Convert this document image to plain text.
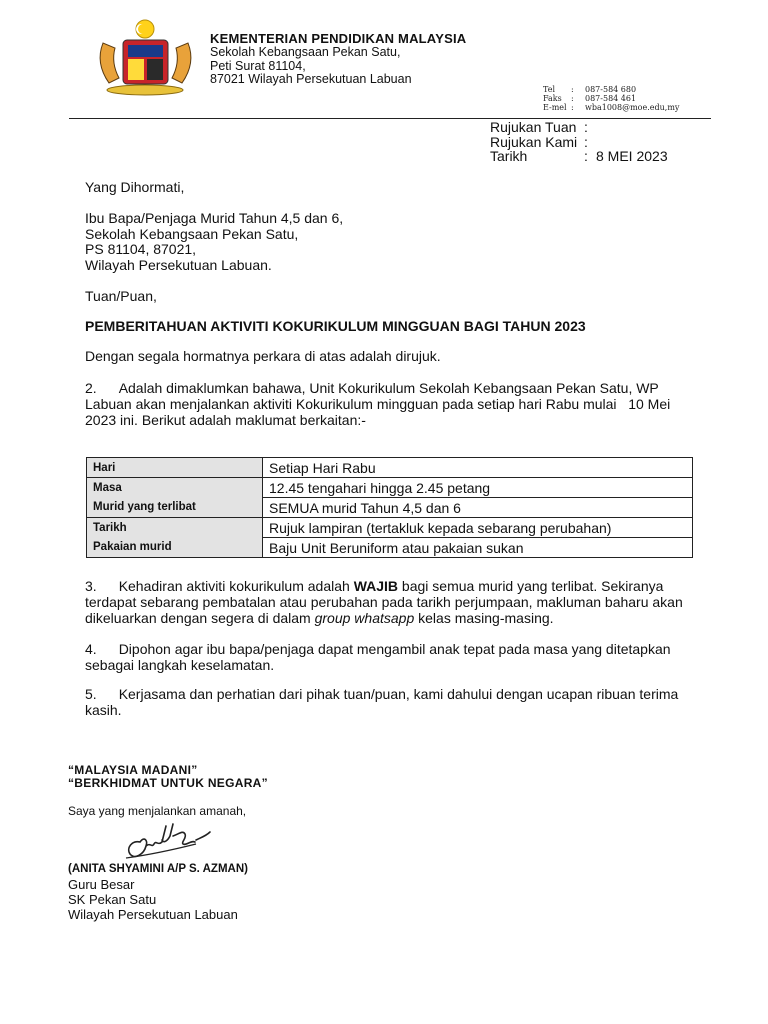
KEMENTERIAN PENDIDIKAN MALAYSIA
Sekolah Kebangsaan Pekan Satu,
Peti Surat 81104,
87021 Wilayah Persekutuan Labuan
Tel : 087-584 680
Faks : 087-584 461
E-mel : wba1008@moe.edu,my
Rujukan Tuan :
Rujukan Kami :
Tarikh	: 8 MEI 2023
Yang Dihormati,
Ibu Bapa/Penjaga Murid Tahun 4,5 dan 6,
Sekolah Kebangsaan Pekan Satu,
PS 81104, 87021,
Wilayah Persekutuan Labuan.
Tuan/Puan,
PEMBERITAHUAN AKTIVITI KOKURIKULUM MINGGUAN BAGI TAHUN 2023
Dengan segala hormatnya perkara di atas adalah dirujuk.
2. Adalah dimaklumkan bahawa, Unit Kokurikulum Sekolah Kebangsaan Pekan Satu, WP
Labuan akan menjalankan aktiviti Kokurikulum mingguan pada setiap hari Rabu mulai   10 Mei
2023 ini. Berikut adalah maklumat berkaitan:-
Hari	Setiap Hari Rabu
Masa	12.45 tengahari hingga 2.45 petang
Murid yang terlibat	SEMUA murid Tahun 4,5 dan 6
Tarikh	Rujuk lampiran (tertakluk kepada sebarang perubahan)
Pakaian murid	Baju Unit Beruniform atau pakaian sukan
3. Kehadiran aktiviti kokurikulum adalah WAJIB bagi semua murid yang terlibat. Sekiranya
terdapat sebarang pembatalan atau perubahan pada tarikh perjumpaan, makluman baharu akan
dikeluarkan dengan segera di dalam group whatsapp kelas masing-masing.
4. Dipohon agar ibu bapa/penjaga dapat mengambil anak tepat pada masa yang ditetapkan
sebagai langkah keselamatan.
5. Kerjasama dan perhatian dari pihak tuan/puan, kami dahului dengan ucapan ribuan terima
kasih.
“MALAYSIA MADANI”
“BERKHIDMAT UNTUK NEGARA”
Saya yang menjalankan amanah,
(ANITA SHYAMINI A/P S. AZMAN)
Guru Besar
SK Pekan Satu
Wilayah Persekutuan Labuan
